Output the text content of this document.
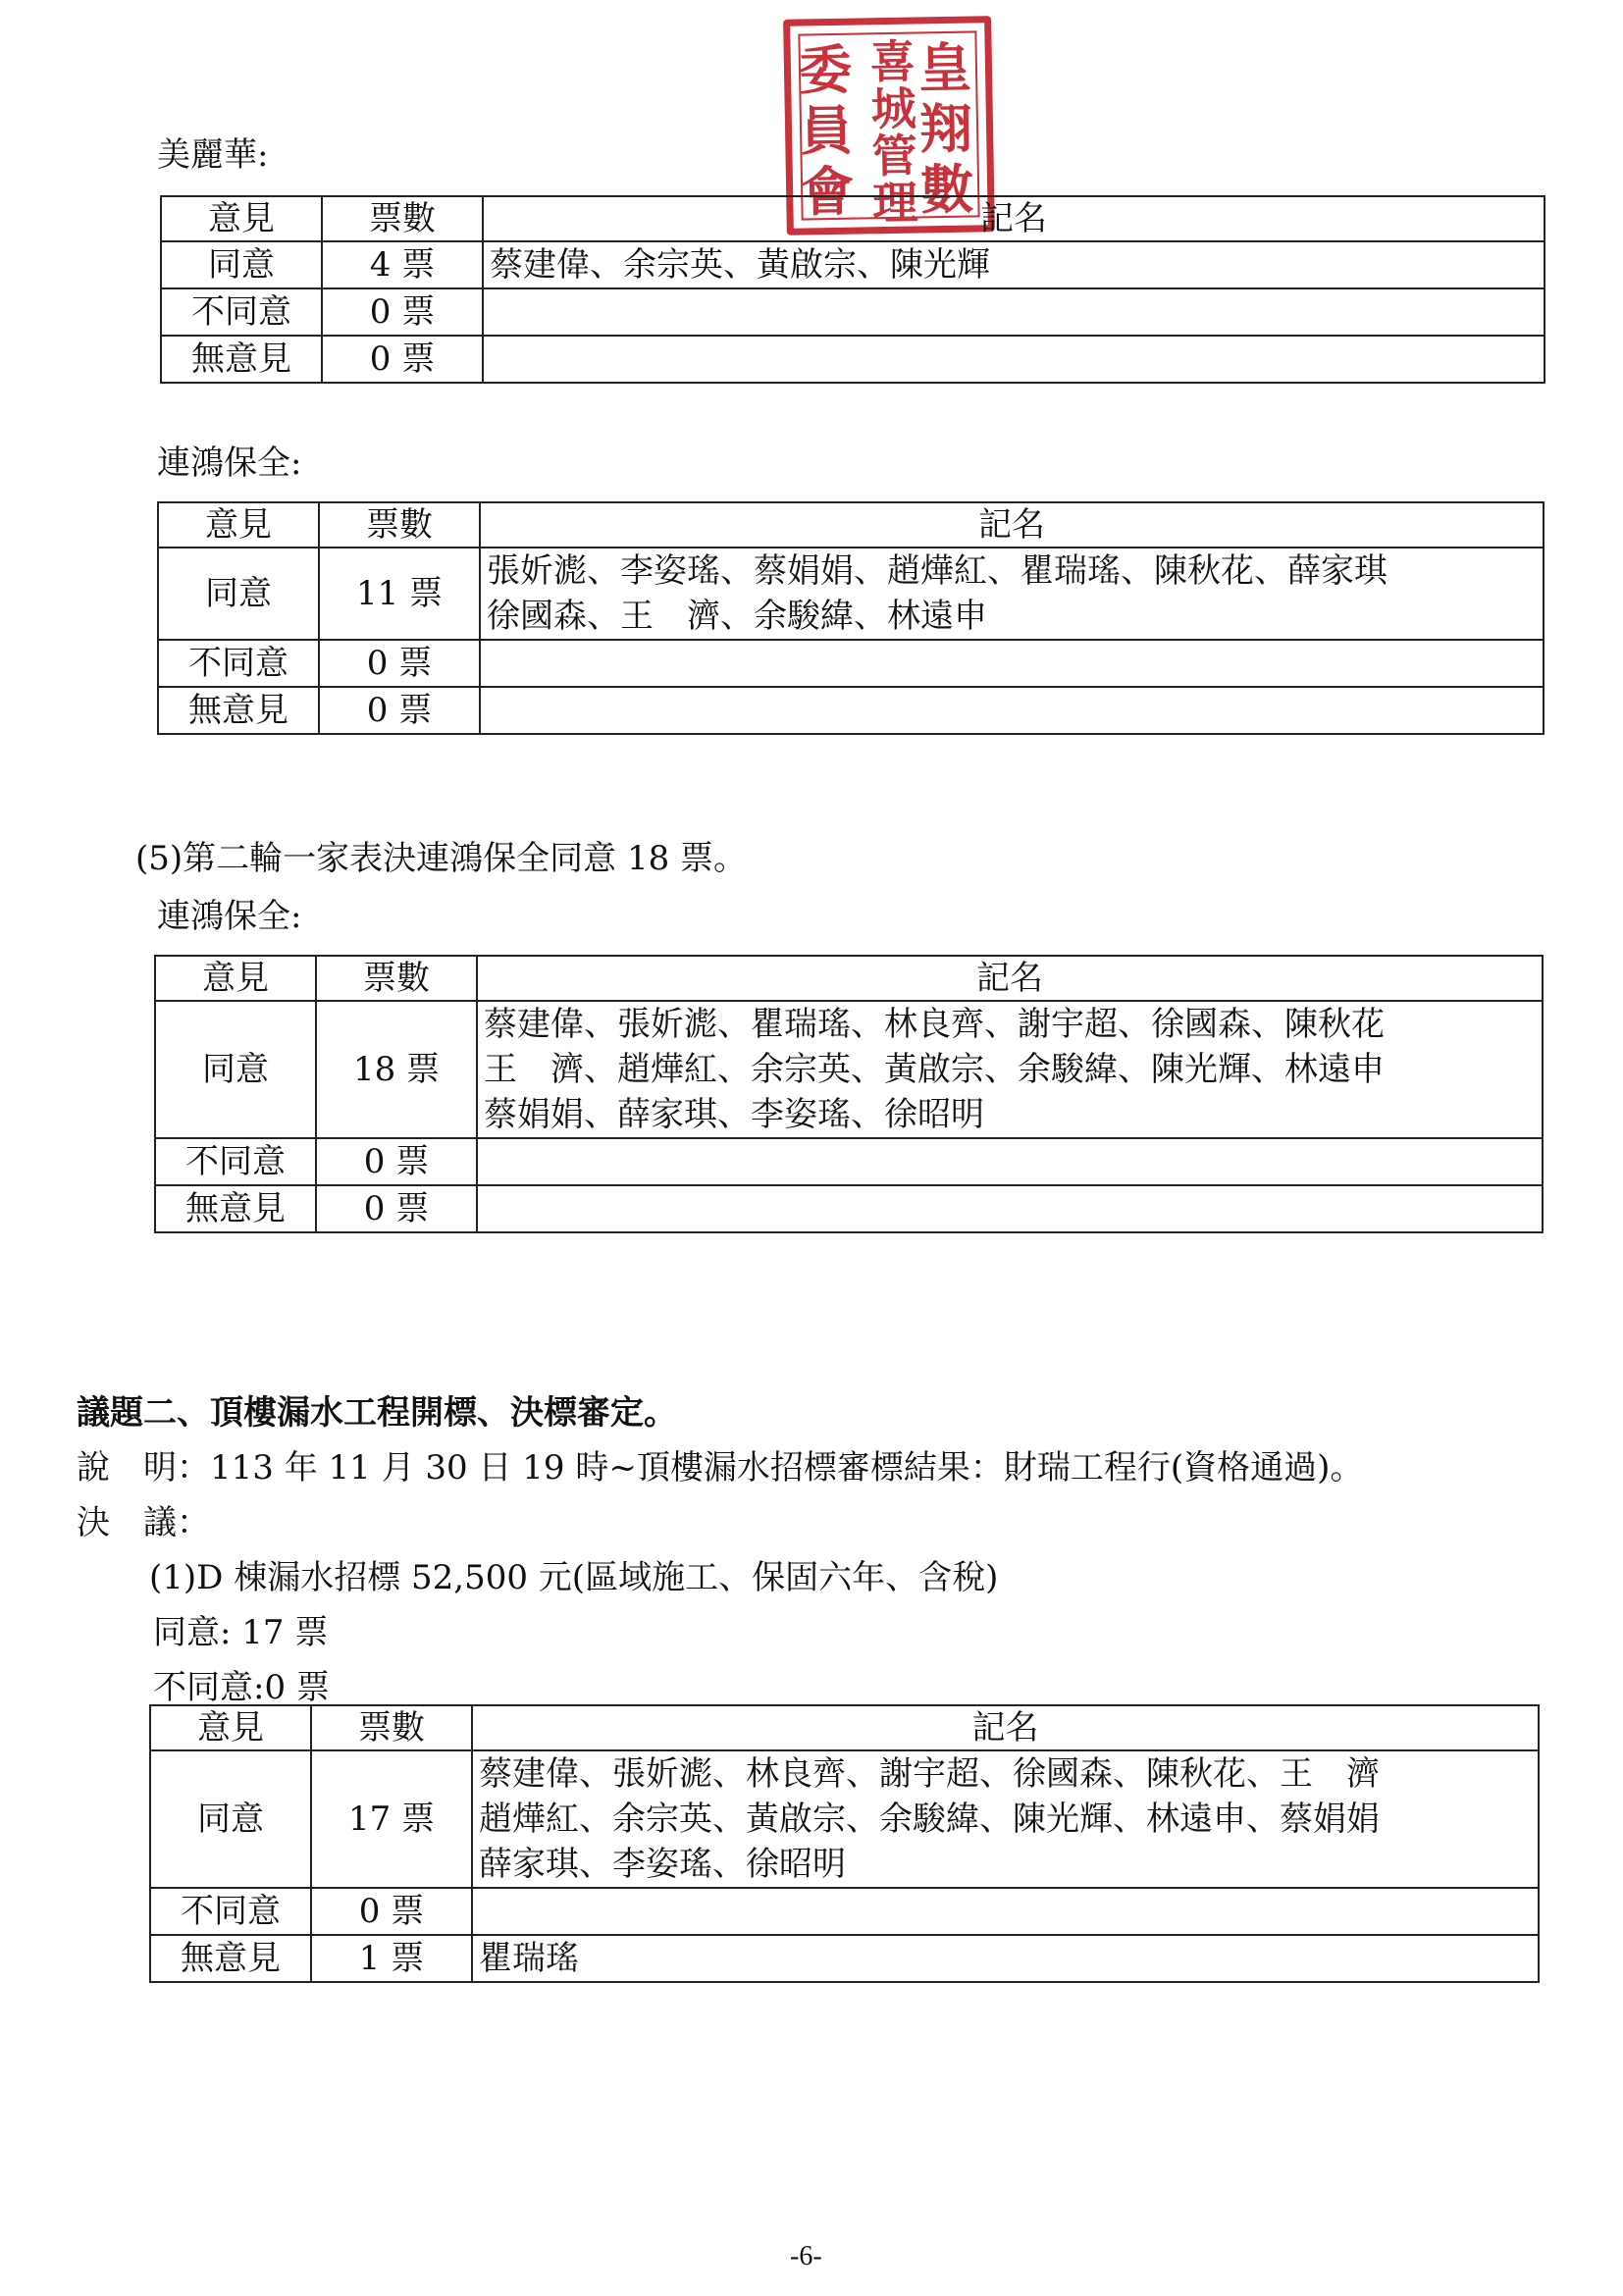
皇翔數
喜城管理
委員會
美麗華:
意見	票數	記名
同意	4 票	蔡建偉、余宗英、黃啟宗、陳光輝

不同意	0 票	

無意見	0 票	

連鴻保全:
意見	票數	記名
同意	11 票	張妡滮、李姿瑤、蔡娟娟、趙燁紅、瞿瑞瑤、陳秋花、薛家琪
徐國森、王　濟、余駿緯、林遠申

不同意	0 票	

無意見	0 票	

(5)第二輪一家表決連鴻保全同意 18 票。
連鴻保全:
意見	票數	記名
同意	18 票	蔡建偉、張妡滮、瞿瑞瑤、林良齊、謝宇超、徐國森、陳秋花
王　濟、趙燁紅、余宗英、黃啟宗、余駿緯、陳光輝、林遠申
蔡娟娟、薛家琪、李姿瑤、徐昭明

不同意	0 票	

無意見	0 票	

議題二、頂樓漏水工程開標、決標審定。
說　明：113 年 11 月 30 日 19 時~頂樓漏水招標審標結果：財瑞工程行(資格通過)。
決　議：
(1)D 棟漏水招標 52,500 元(區域施工、保固六年、含稅)
同意: 17 票
不同意:0 票
意見	票數	記名
同意	17 票	蔡建偉、張妡滮、林良齊、謝宇超、徐國森、陳秋花、王　濟
趙燁紅、余宗英、黃啟宗、余駿緯、陳光輝、林遠申、蔡娟娟
薛家琪、李姿瑤、徐昭明

不同意	0 票	

無意見	1 票	瞿瑞瑤
-6-
